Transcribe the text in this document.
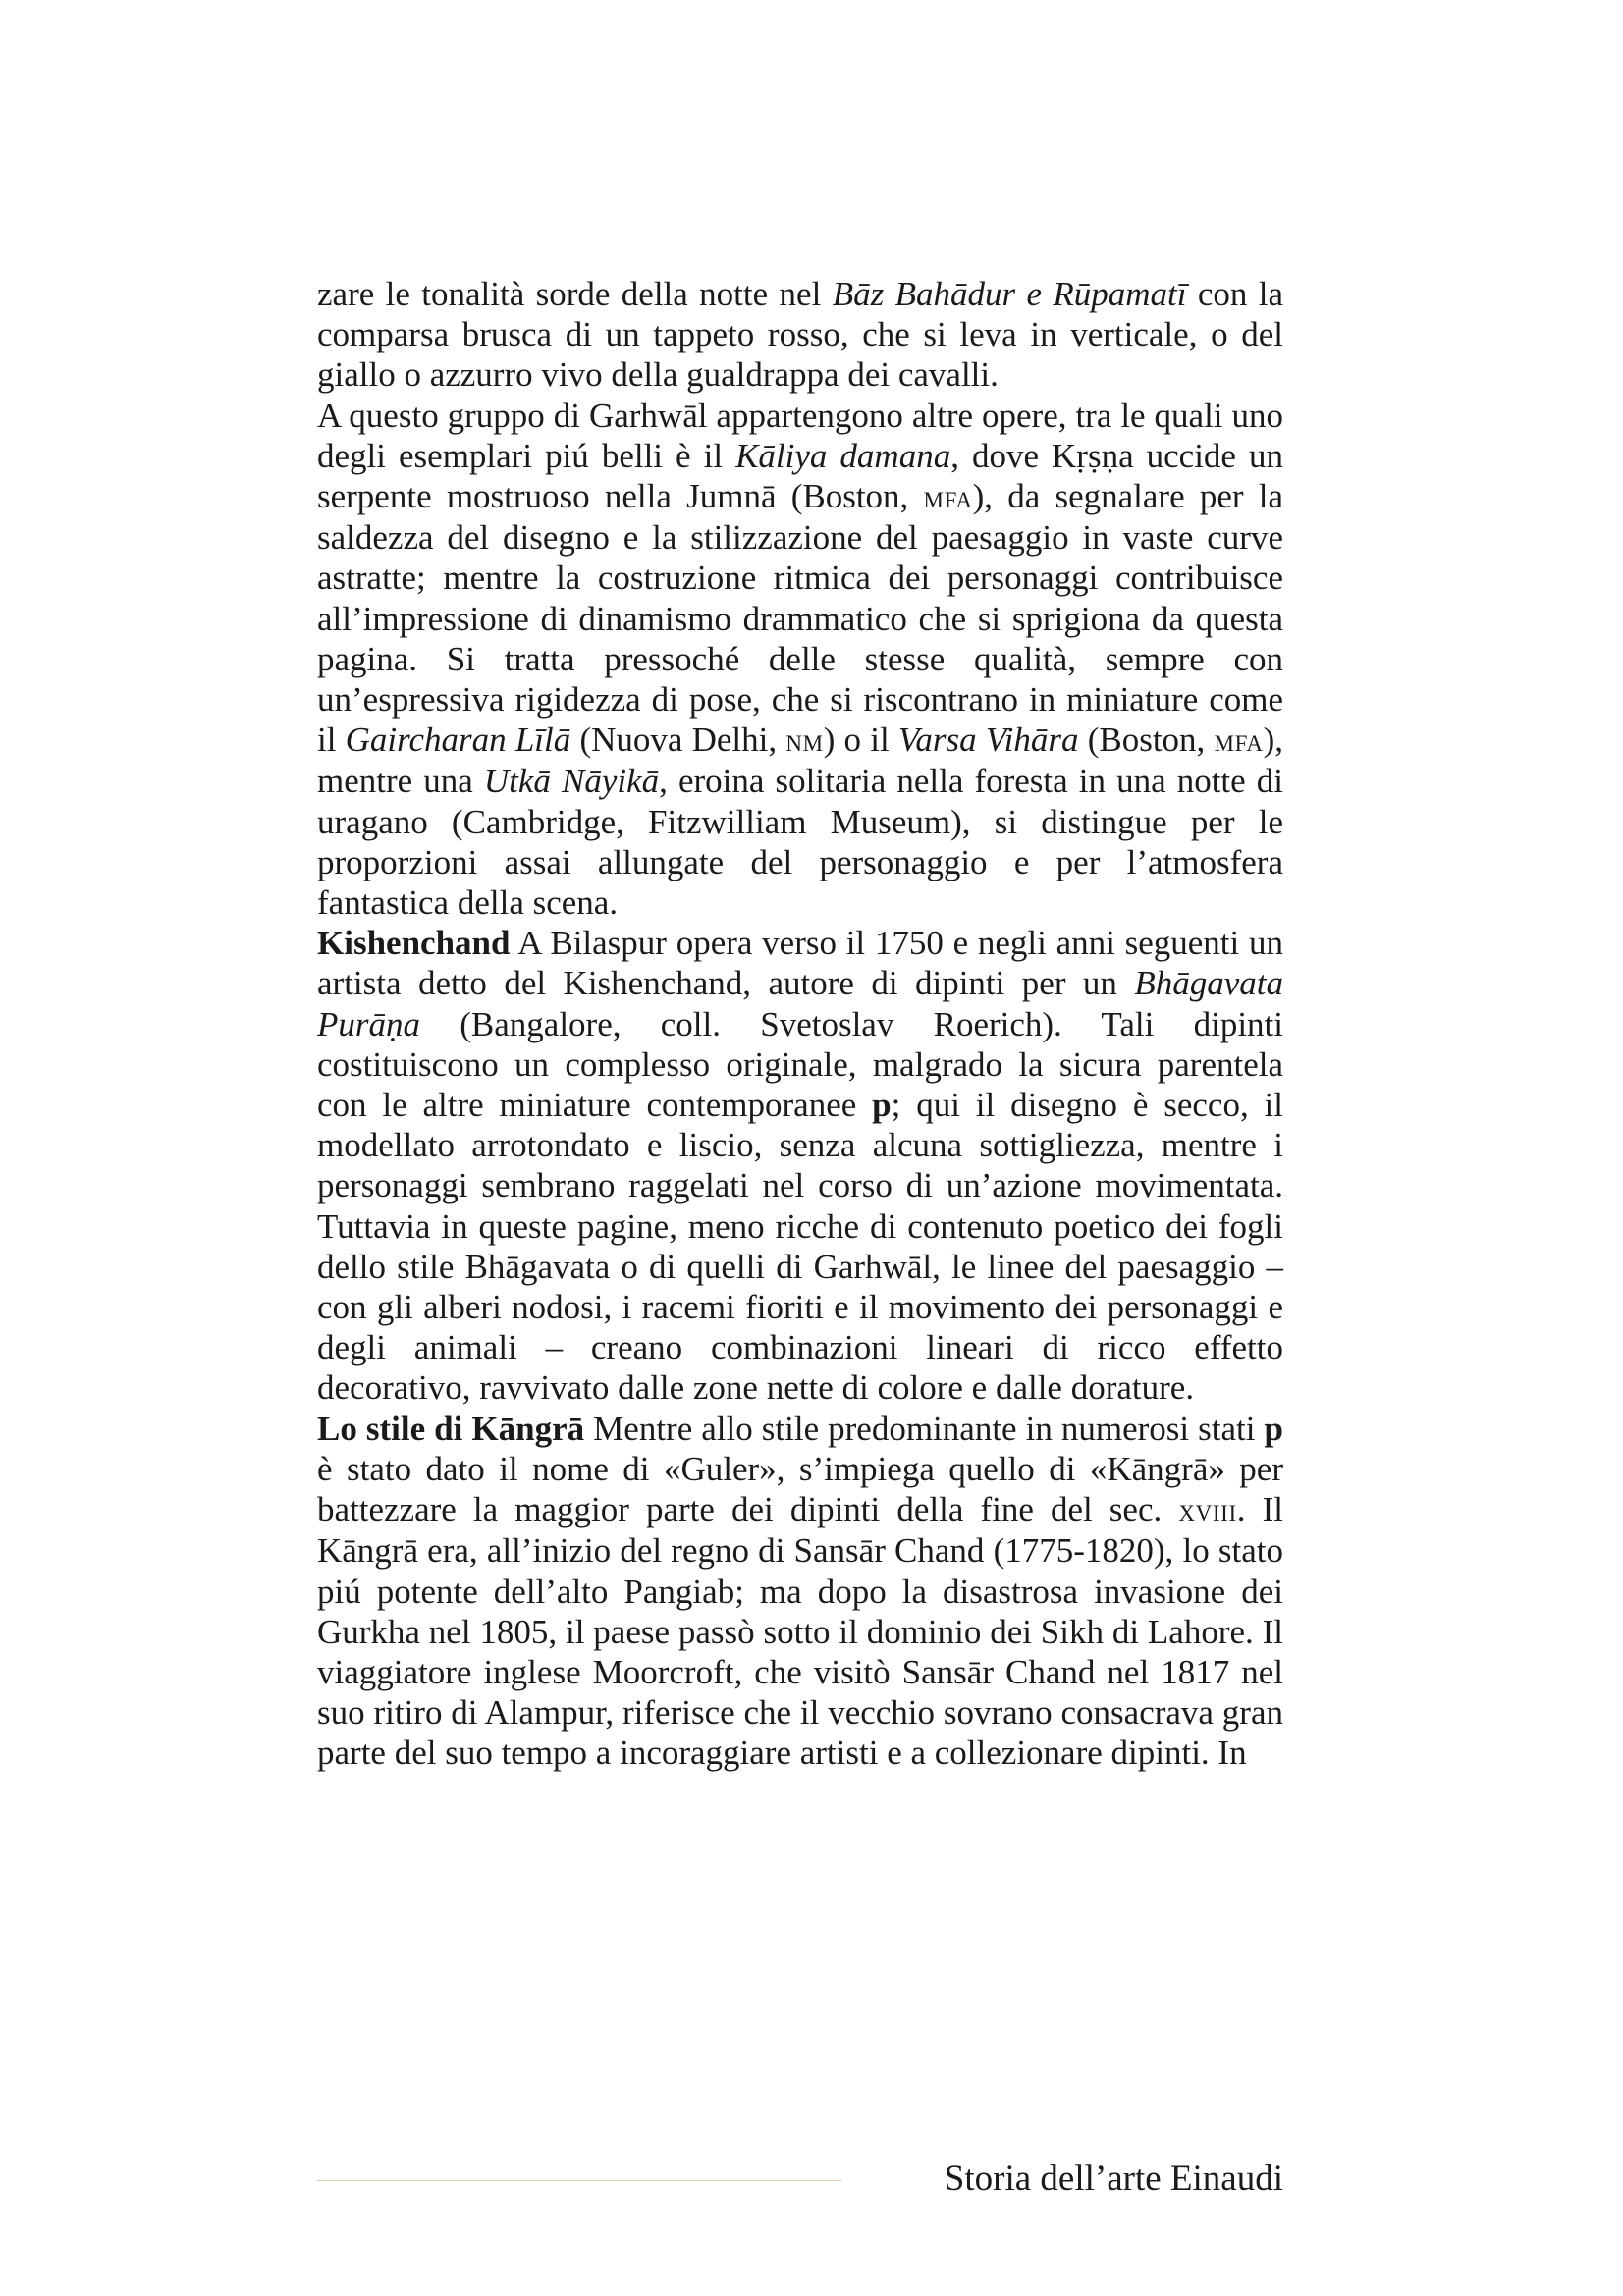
zare le tonalità sorde della notte nel Bāz Bahādur e Rūpamatī con la comparsa brusca di un tappeto rosso, che si leva in verticale, o del giallo o azzurro vivo della gualdrappa dei cavalli.

A questo gruppo di Garhwāl appartengono altre opere, tra le quali uno degli esemplari piú belli è il Kāliya damana, dove Kṛṣṇa uccide un serpente mostruoso nella Jumnā (Boston, mfa), da segnalare per la saldezza del disegno e la stilizzazione del paesaggio in vaste curve astratte; mentre la costruzione ritmica dei personaggi contribuisce all’impressione di dinamismo drammatico che si sprigiona da questa pagina. Si tratta pressoché delle stesse qualità, sempre con un’espressiva rigidezza di pose, che si riscontrano in miniature come il Gaircharan Līlā (Nuova Delhi, nm) o il Varsa Vihāra (Boston, mfa), mentre una Utkā Nāyikā, eroina solitaria nella foresta in una notte di uragano (Cambridge, Fitzwilliam Museum), si distingue per le proporzioni assai allungate del personaggio e per l’atmosfera fantastica della scena.

Kishenchand A Bilaspur opera verso il 1750 e negli anni seguenti un artista detto del Kishenchand, autore di dipinti per un Bhāgavata Purāṇa (Bangalore, coll. Svetoslav Roerich). Tali dipinti costituiscono un complesso originale, malgrado la sicura parentela con le altre miniature contemporanee p; qui il disegno è secco, il modellato arrotondato e liscio, senza alcuna sottigliezza, mentre i personaggi sembrano raggelati nel corso di un’azione movimentata. Tuttavia in queste pagine, meno ricche di contenuto poetico dei fogli dello stile Bhāgavata o di quelli di Garhwāl, le linee del paesaggio – con gli alberi nodosi, i racemi fioriti e il movimento dei personaggi e degli animali – creano combinazioni lineari di ricco effetto decorativo, ravvivato dalle zone nette di colore e dalle dorature.

Lo stile di Kāngrā Mentre allo stile predominante in numerosi stati p è stato dato il nome di «Guler», s’impiega quello di «Kāngrā» per battezzare la maggior parte dei dipinti della fine del sec. xviii. Il Kāngrā era, all’inizio del regno di Sansār Chand (1775-1820), lo stato piú potente dell’alto Pangiab; ma dopo la disastrosa invasione dei Gurkha nel 1805, il paese passò sotto il dominio dei Sikh di Lahore. Il viaggiatore inglese Moorcroft, che visitò Sansār Chand nel 1817 nel suo ritiro di Alampur, riferisce che il vecchio sovrano consacrava gran parte del suo tempo a incoraggiare artisti e a collezionare dipinti. In

Storia dell’arte Einaudi
